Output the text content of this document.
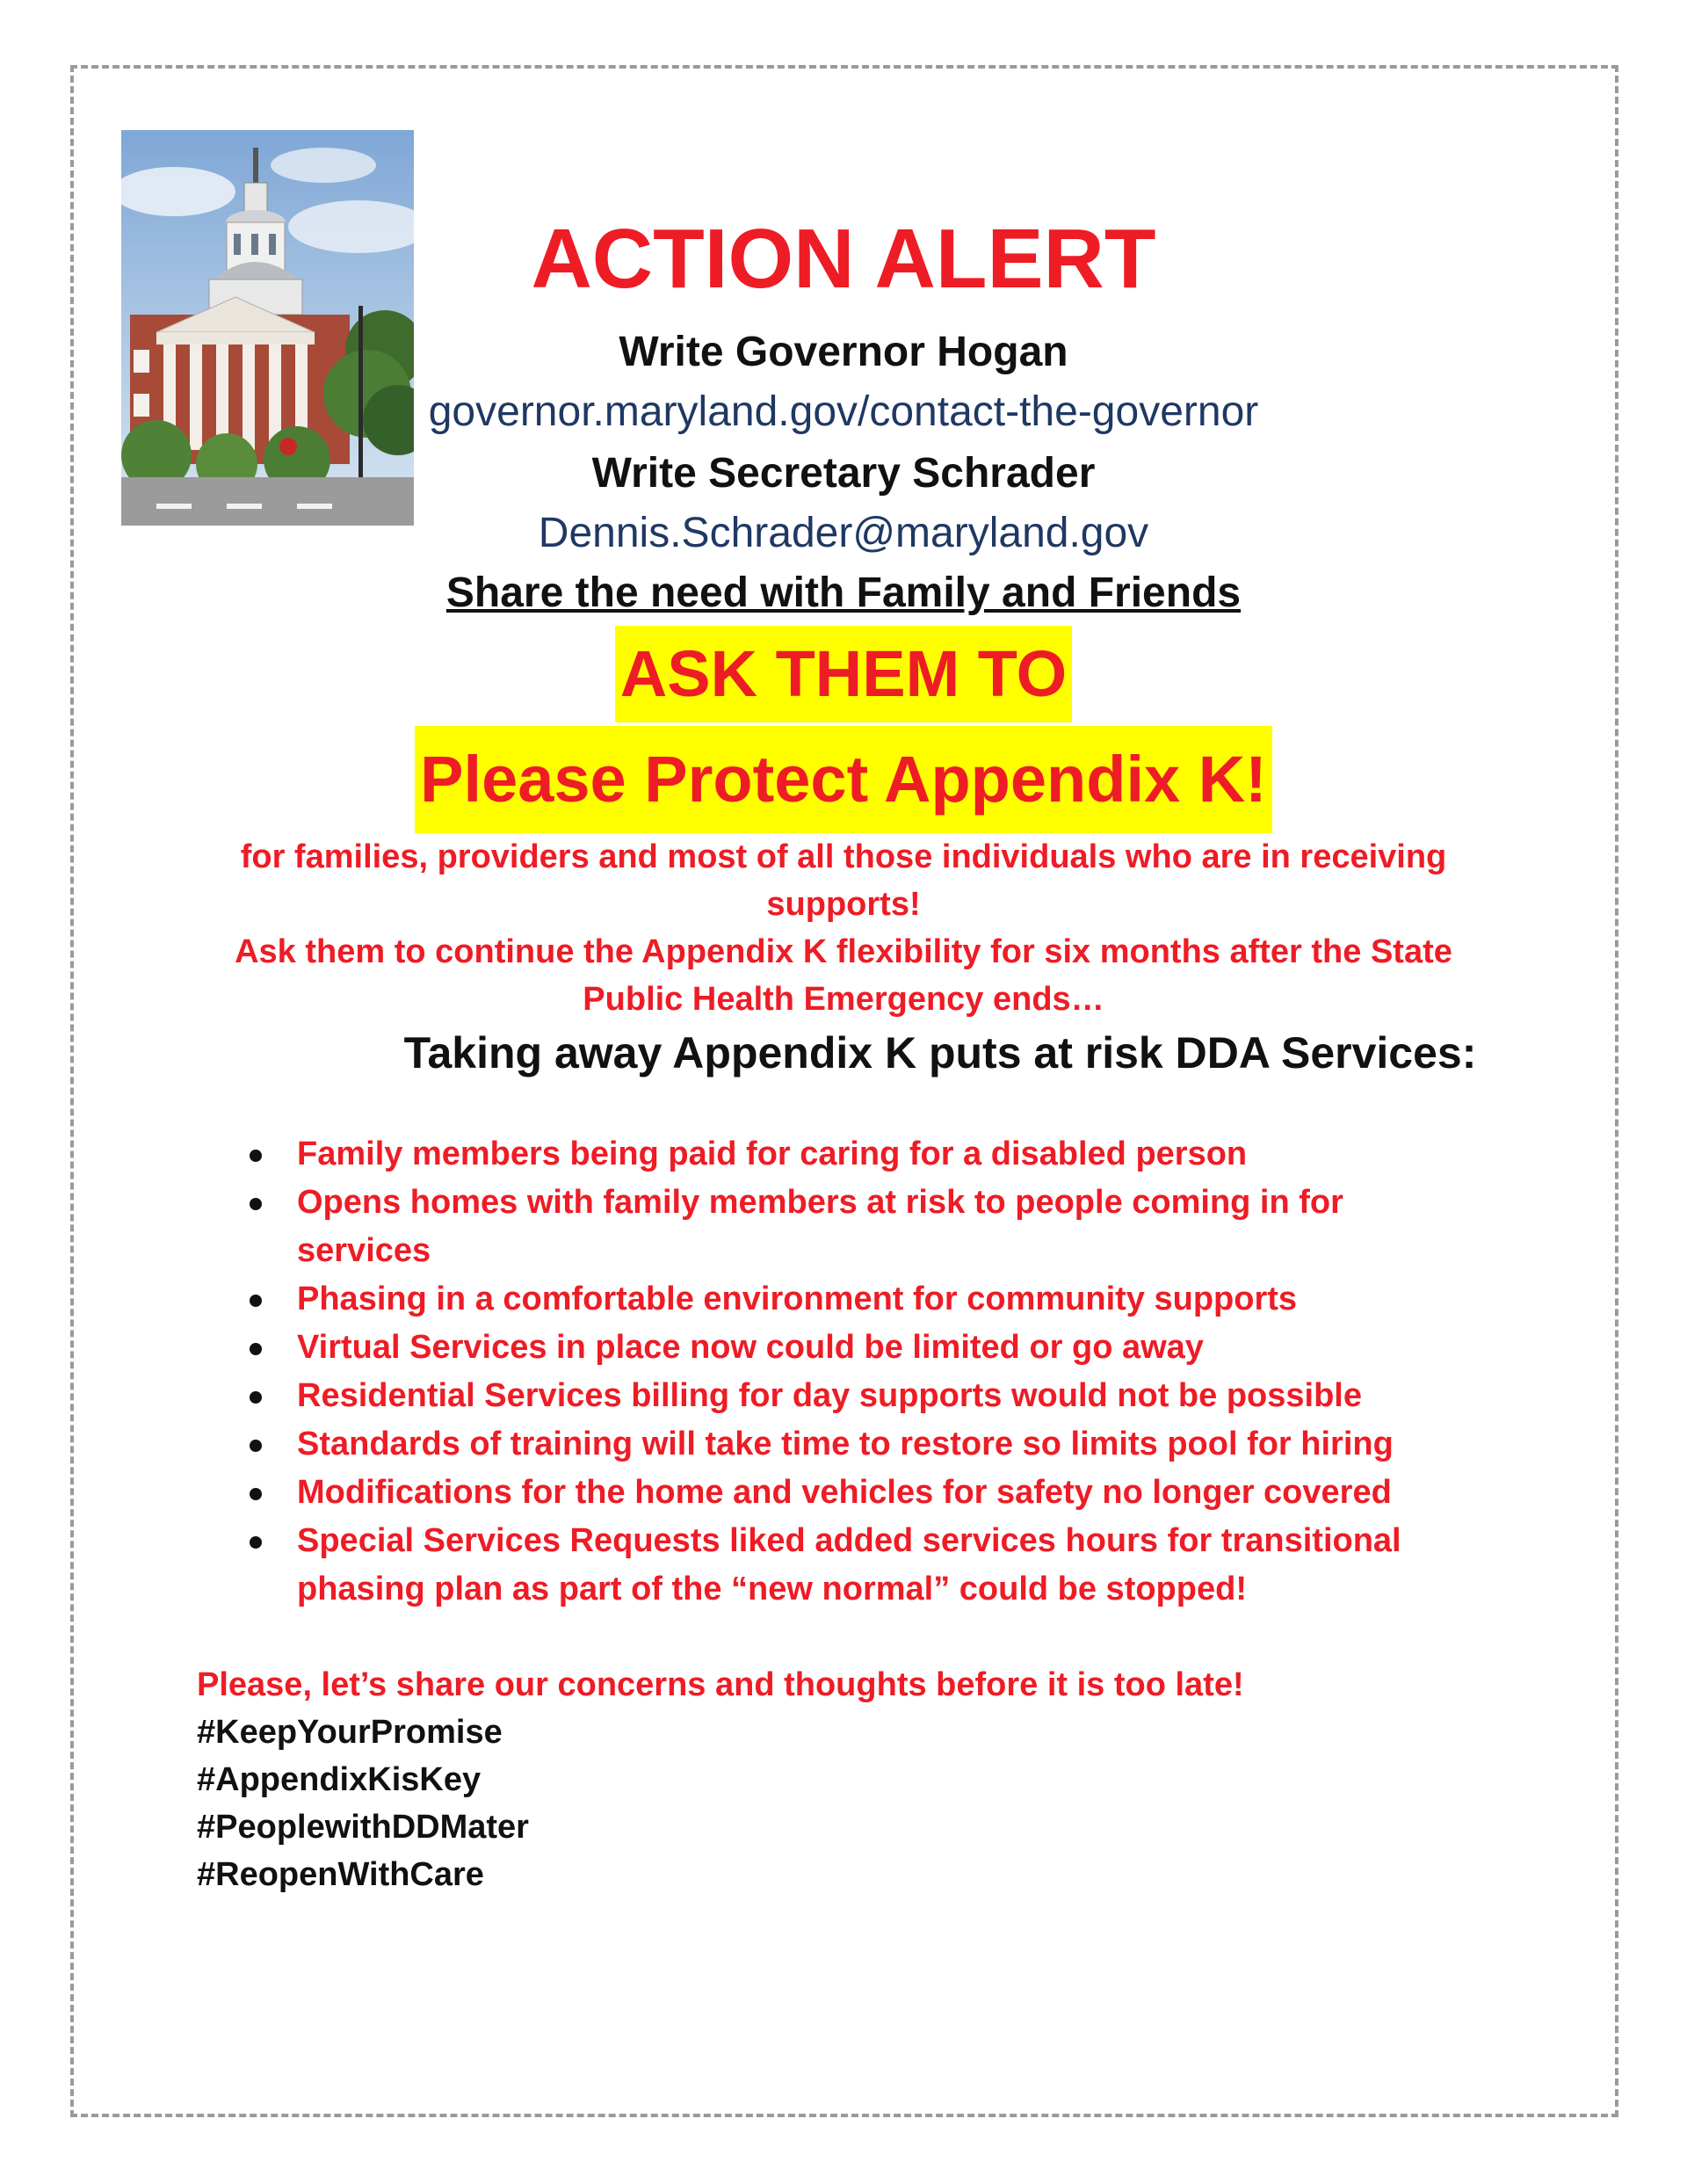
ACTION ALERT
Write Governor Hogan
governor.maryland.gov/contact-the-governor
Write Secretary Schrader
Dennis.Schrader@maryland.gov
Share the need with Family and Friends
ASK THEM TO
Please Protect Appendix K!
for families, providers and most of all those individuals who are in receiving
supports!
Ask them to continue the Appendix K flexibility for six months after the State
Public Health Emergency ends…
Taking away Appendix K puts at risk DDA Services:
Family members being paid for caring for a disabled person
Opens homes with family members at risk to people coming in for
services
Phasing in a comfortable environment for community supports
Virtual Services in place now could be limited or go away
Residential Services billing for day supports would not be possible
Standards of training will take time to restore so limits pool for hiring
Modifications for the home and vehicles for safety no longer covered
Special Services Requests liked added services hours for transitional
phasing plan as part of the “new normal” could be stopped!
Please, let’s share our concerns and thoughts before it is too late!
#KeepYourPromise
#AppendixKisKey
#PeoplewithDDMater
#ReopenWithCare
